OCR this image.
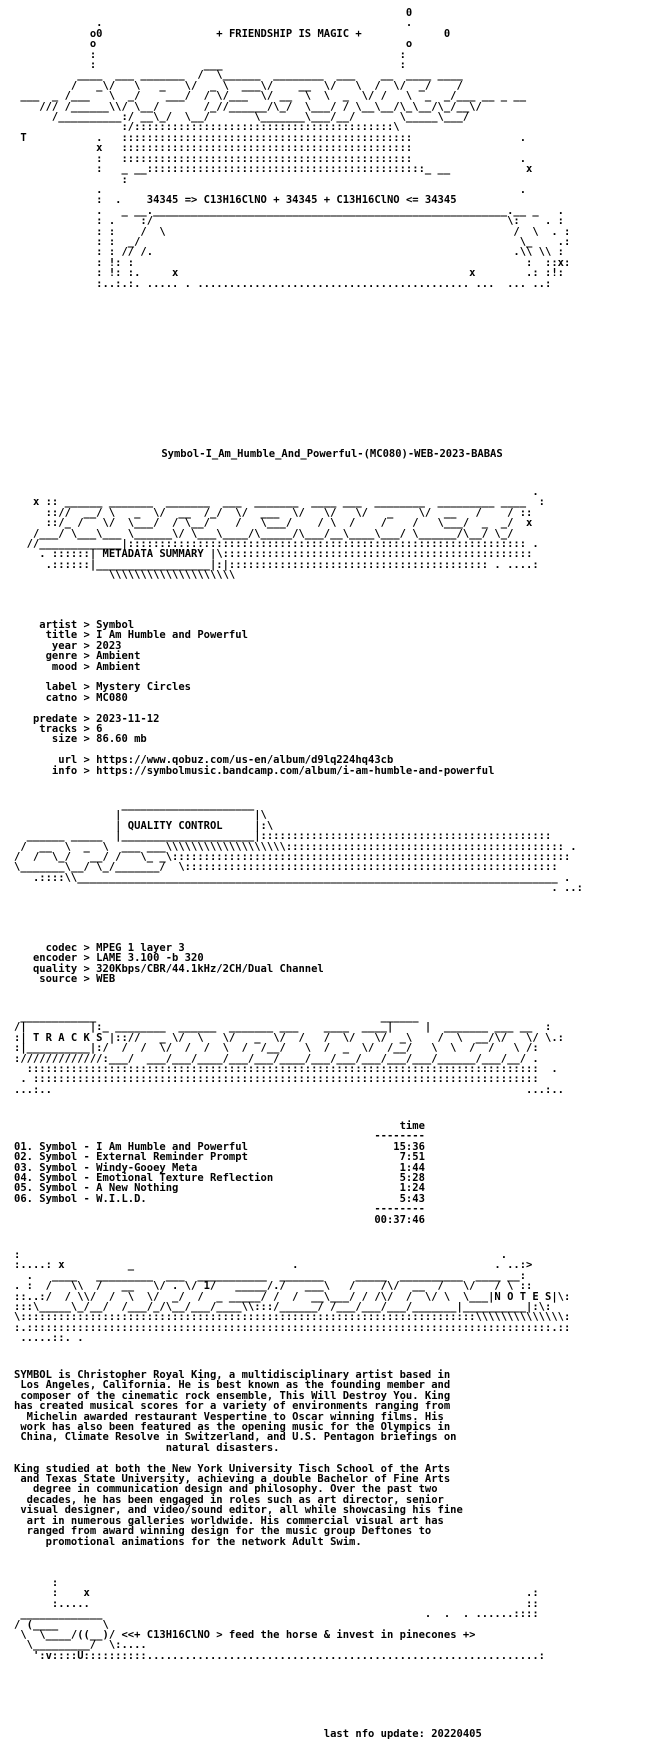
0
.                                                .
o0	+ FRIENDSHIP IS MAGIC +	0
o                                                 o
:                                                :
:                 ___                            :
____  ___ _______  /  \______  ________  ___    __  ____ ____
/   _\/   \   _   \/  _ \  ___\/    __  \/   \  /  \/  _/    /
___  _ /___   \  _/    ___/  / \/___  \/ __  \  \  _  \/ /   \  _  _/___ __ _ __
/// /______\\/ \__/       /_//______/\_/  \___/ / \__\__/\_\__/\_/__\/
/__________:/ __\_/  \__/       \_______\___/__/       \_____\___/
:/:::::::::::::::::::::::::::::::::::::::::\
T           .   ::::::::::::::::::::::::::::::::::::::::::::::                 .
x   ::::::::::::::::::::::::::::::::::::::::::::::
:   ::::::::::::::::::::::::::::::::::::::::::::::                 .
:   _ __::::::::::::::::::::::::::::::::::::::::::::_ __            x
:
.                                                                  .
:  .    34345 => C13H16ClNO + 34345 + C13H16ClNO <= 34345
.   _ __.________________________________________________________.__ _   .
: .    :/                                                        \:    . :
: :    /  \                                                       /  \  . :
: :  _/                                                            \_    .:
: : // /.                                                         .\\ \\ :
: !: :                                                              :  ::x:
: !: :.     x                                              x        .: :!:
:..:.:. ..... . ........................................... ...  ... ..:
Symbol-I_Am_Humble_And_Powerful-(MC080)-WEB-2023-BABAS
.
x :: ______ _______  _______  ___  _______  ____ ___  ________  _________ ____  :
:://  __/ \   _  \/  __  /_/  \/  ___  \/   \/   \/   _    \/  __   /    / ::
::/_ /   \/  \___/  / \__/    /   \___/    / \  /    /    /   \___/  _  _/  x
/___/ \___\___ \______\/ \___\____/\_____/\___/__\____\___/ \______/\__/ \_/
//_____________|::::::::::::::::::::::::::::::::::::::::::::::::::::::::::::::: .
. ::::::| METADATA SUMMARY |\:::::::::::::::::::::::::::::::::::::::::::::::::
.::::::|__________________|:|::::::::::::::::::::::::::::::::::::::::: . ....:
\\\\\\\\\\\\\\\\\\\\
artist > Symbol
title > I Am Humble and Powerful
year > 2023
genre > Ambient
mood > Ambient

label > Mystery Circles
catno > MC080

predate > 2023-11-12
tracks > 6
size > 86.60 mb

url > https://www.qobuz.com/us-en/album/d9lq224hq43cb
info > https://symbolmusic.bandcamp.com/album/i-am-humble-and-powerful
_____________________
|                     |\
| QUALITY CONTROL	|:\
______ _____  |_____________________|::::::::::::::::::::::::::::::::::::::::::::::
/  __  \  _  \  ___ ___\\\\\\\\\\\\\\\\\\\:::::::::::::::::::::::::::::::::::::::::::: .
/  /  \_/   __/ /   \_ _\:::::::::::::::::::::::::::::::::::::::::::::::::::::::::::::::
\_______\__/ \_/_______/  \:::::::::::::::::::::::::::::::::::::::::::::::::::::::::::
.::::\\____________________________________________________________________________ .
. ..:
codec > MPEG 1 layer 3
encoder > LAME 3.100 -b 320
quality > 320Kbps/CBR/44.1kHz/2CH/Dual Channel
source > WEB
____________                                             ______
/|          |:_ ________  ______  _______ ___    ____  ____|     |  _______ ___ __  :
:| T R A C K S |:://   _ \/  \   \/   _  \/  /   /  \/   \/  _\    /  \  __/\/   \/ \.:
:|__________|:/  /  /  \/  /  /  \  /  /__/   \  /  _  \/  /__/   \  \  /  /   \ /:
://///////////:___/  ___/___/____/___/___/____/___/___/___/___/___/______/___/__/ .
:::::::::::::::::::::::::::::::::::::::::::::::::::::::::::::::::::::::::::::::::  .
. ::::::::::::::::::::::::::::::::::::::::::::::::::::::::::::::::::::::::::::::::
...:..                                                                           ...:..
time
--------
01. Symbol - I Am Humble and Powerful                       15:36
02. Symbol - External Reminder Prompt                        7:51
03. Symbol - Windy-Gooey Meta                                1:44
04. Symbol - Emotional Texture Reflection                    5:28
05. Symbol - A New Nothing                                   1:24
06. Symbol - W.I.L.D.                                        5:43
--------
00:37:46
:                                                                            .
:....: x          _                         .                               . ..:>
.   ____   _________  ___  ___________  _______     _____  __________  ____ __:
. :  /   \\  /   __   \/ . \/ 1/   _____/./   ___\   /    /\/  __  /   \/   / \ ::
::..:/  / \\/  /  \  \/  _/  /  _ _____/ /  /  __\___/ / /\/  /  \/ \  \___|N O T E S|\:
:::\_____\_/__/  /___/_/\__/___/____\\:::/______/ /___/___/___/_______|__________|:\:
\::::::::::::::::::::::::::::::::::::::::::::::::::::::::::::::::::::::::\\\\\\\\\\\\\\:
:.:::::::::::::::::::::::::::::::::::::::::::::::::::::::::::::::::::::::::::::::::::.::
.....::. .
SYMBOL is Christopher Royal King, a multidisciplinary artist based in
Los Angeles, California. He is best known as the founding member and
composer of the cinematic rock ensemble, This Will Destroy You. King
has created musical scores for a variety of environments ranging from
Michelin awarded restaurant Vespertine to Oscar winning films. His
work has also been featured as the opening music for the Olympics in
China, Climate Resolve in Switzerland, and U.S. Pentagon briefings on
natural disasters.

King studied at both the New York University Tisch School of the Arts
and Texas State University, achieving a double Bachelor of Fine Arts
degree in communication design and philosophy. Over the past two
decades, he has been engaged in roles such as art director, senior
visual designer, and video/sound editor, all while showcasing his fine
art in numerous galleries worldwide. His commercial visual art has
ranged from award winning design for the music group Deftones to
promotional animations for the network Adult Swim.
:
:    x                                                                     .:
:.....                                                                     ::
_____________                                                   .  .  . ......::::
/ (____       \
\  \____/((__)/ <<+ C13H16ClNO > feed the horse & invest in pinecones +>
\_________/  \:....
':v::::U::::::::::..............................................................:
last nfo update: 20220405
